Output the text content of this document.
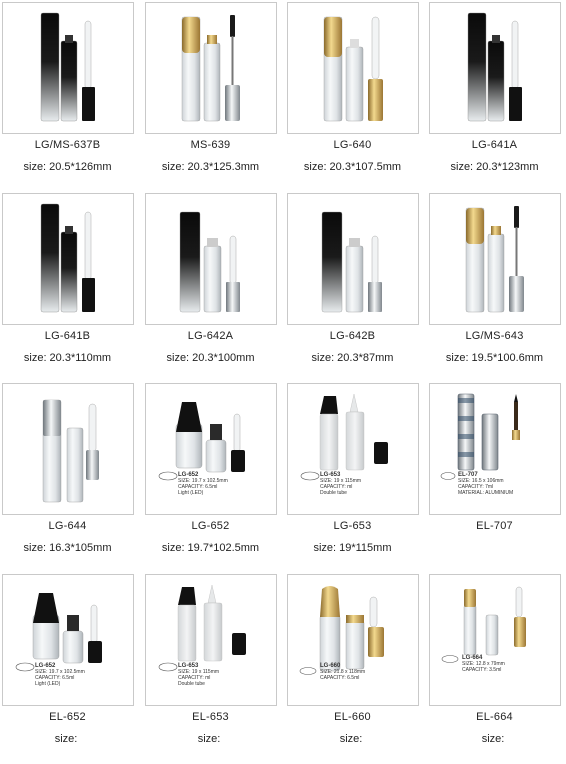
LG/MS-637B
size: 20.5*126mm
MS-639
size: 20.3*125.3mm
LG-640
size: 20.3*107.5mm
LG-641A
size: 20.3*123mm
LG-641B
size: 20.3*110mm
LG-642A
size: 20.3*100mm
LG-642B
size: 20.3*87mm
LG/MS-643
size: 19.5*100.6mm
LG-644
size: 16.3*105mm
LG-652
SIZE: 19.7 x 102.5mm
CAPACITY: 6.5ml
Light (LED)
LG-652
size: 19.7*102.5mm
LG-653
SIZE: 19 x 115mm
CAPACITY: ml
Double tube
LG-653
size: 19*115mm
EL-707
SIZE: 16.5 x 106mm
CAPACITY: 7ml
MATERIAL: ALUMINIUM
EL-707
LG-652
SIZE: 19.7 x 102.5mm
CAPACITY: 6.5ml
Light (LED)
EL-652
size:
LG-653
SIZE: 19 x 115mm
CAPACITY: ml
Double tube
EL-653
size:
LG-660
SIZE: 21.8 x 118mm
CAPACITY: 6.5ml
EL-660
size:
LG-664
SIZE: 12.8 x 79mm
CAPACITY: 3.5ml
EL-664
size:
